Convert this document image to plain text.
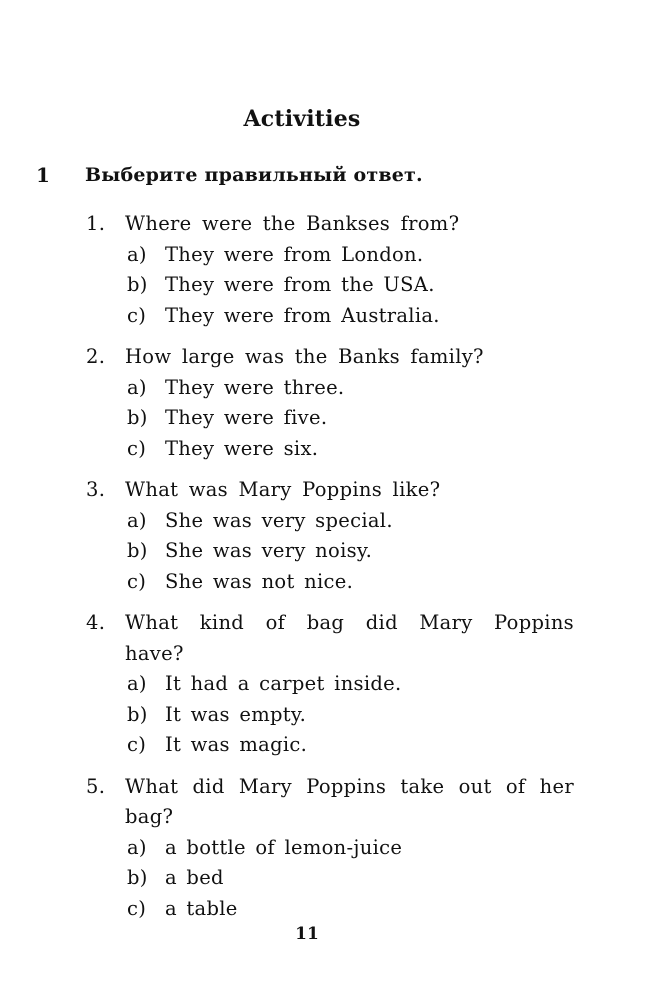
Activities
1 Выберите правильный ответ.
1.	Where were the Bankses from?
a) They were from London.
b) They were from the USA.
c) They were from Australia.
2.	How large was the Banks family?
a) They were three.
b) They were five.
c) They were six.
3.	What was Mary Poppins like?
a) She was very special.
b) She was very noisy.
c) She was not nice.
4.	What kind of bag did Mary Poppins have?
a) It had a carpet inside.
b) It was empty.
c) It was magic.
5.	What did Mary Poppins take out of her bag?
a) a bottle of lemon-juice
b) a bed
c) a table
11
